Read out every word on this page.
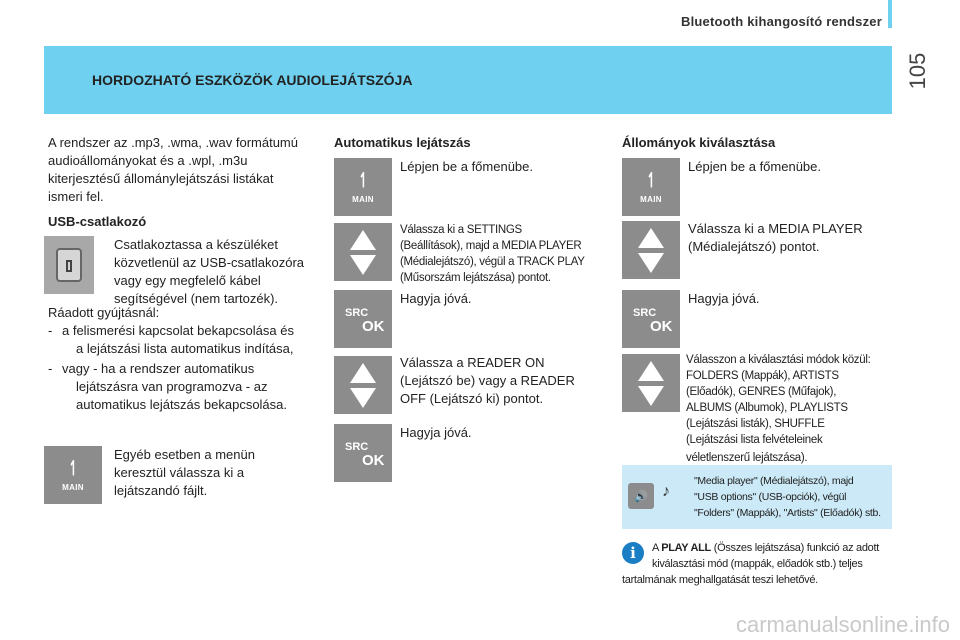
Bluetooth kihangosító rendszer
105
HORDOZHATÓ ESZKÖZÖK AUDIOLEJÁTSZÓJA
A rendszer az .mp3, .wma, .wav formátumú
audioállományokat és a .wpl, .m3u
kiterjesztésű állománylejátszási listákat
ismeri fel.
USB-csatlakozó
Csatlakoztassa a készüléket
közvetlenül az USB-csatlakozóra
vagy egy megfelelő kábel
segítségével (nem tartozék).
Ráadott gyújtásnál:
- a felismerési kapcsolat bekapcsolása és
a lejátszási lista automatikus indítása,
- vagy - ha a rendszer automatikus
lejátszásra van programozva - az
automatikus lejátszás bekapcsolása.
↿
MAIN
Egyéb esetben a menün
keresztül válassza ki a
lejátszandó fájlt.
Automatikus lejátszás
↿
MAIN
Lépjen be a főmenübe.
Válassza ki a SETTINGS
(Beállítások), majd a MEDIA PLAYER
(Médialejátszó), végül a TRACK PLAY
(Műsorszám lejátszása) pontot.
SRC
OK
Hagyja jóvá.
Válassza a READER ON
(Lejátszó be) vagy a READER
OFF (Lejátszó ki) pontot.
SRC
OK
Hagyja jóvá.
Állományok kiválasztása
↿
MAIN
Lépjen be a főmenübe.
Válassza ki a MEDIA PLAYER
(Médialejátszó) pontot.
SRC
OK
Hagyja jóvá.
Válasszon a kiválasztási módok közül:
FOLDERS (Mappák), ARTISTS
(Előadók), GENRES (Műfajok),
ALBUMS (Albumok), PLAYLISTS
(Lejátszási listák), SHUFFLE
(Lejátszási lista felvételeinek
véletlenszerű lejátszása).
🔊 ♪
"Media player" (Médialejátszó), majd
"USB options" (USB-opciók), végül
"Folders" (Mappák), "Artists" (Előadók) stb.
i	A PLAY ALL (Összes lejátszása) funkció az adott
kiválasztási mód (mappák, előadók stb.) teljes
tartalmának meghallgatását teszi lehetővé.
carmanualsonline.info
